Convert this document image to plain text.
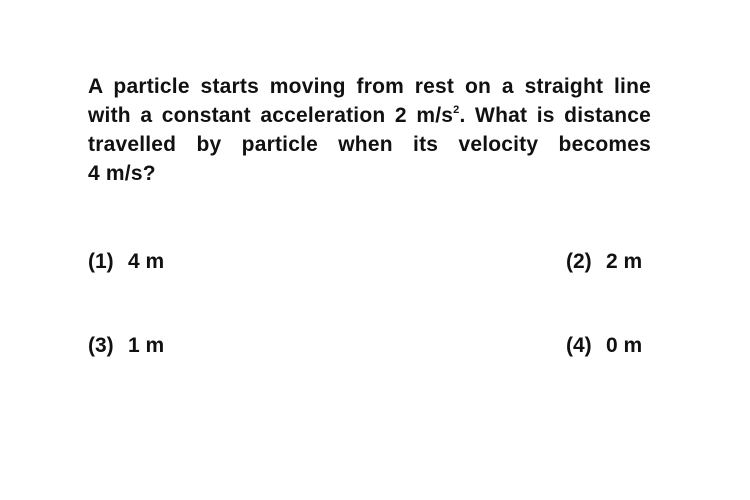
A particle starts moving from rest on a straight line
with a constant acceleration 2 $m/s^2$. What is distance
travelled by particle when its velocity becomes
4 m/s?
(1) 4 m	(2) 2 m
(3) 1 m	(4) 0 m
